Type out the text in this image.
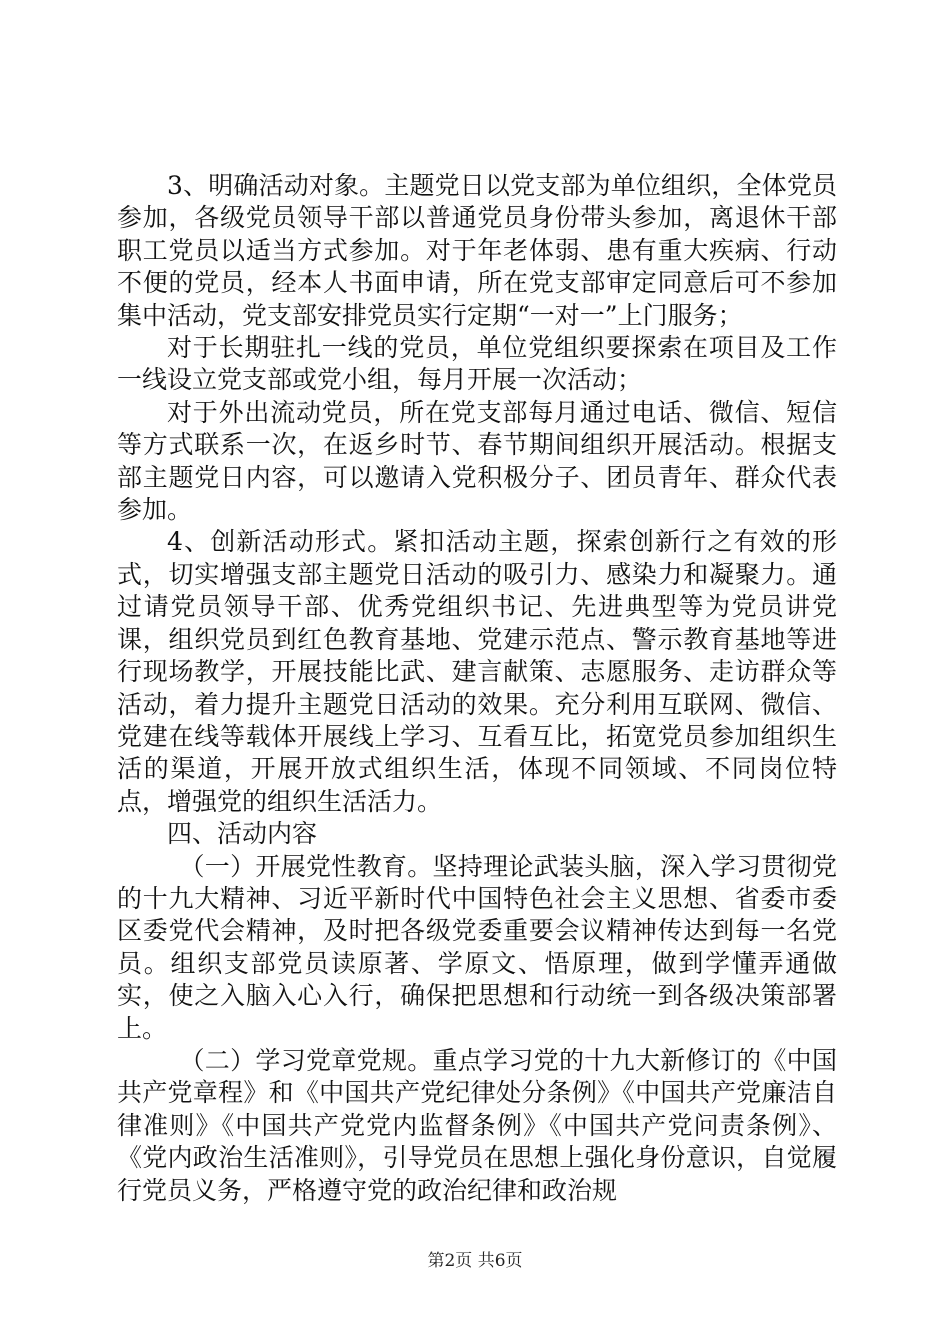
3、明确活动对象。主题党日以党支部为单位组织，全体党员参加，各级党员领导干部以普通党员身份带头参加，离退休干部职工党员以适当方式参加。对于年老体弱、患有重大疾病、行动不便的党员，经本人书面申请，所在党支部审定同意后可不参加集中活动，党支部安排党员实行定期“一对一”上门服务；

对于长期驻扎一线的党员，单位党组织要探索在项目及工作一线设立党支部或党小组，每月开展一次活动；

对于外出流动党员，所在党支部每月通过电话、微信、短信等方式联系一次，在返乡时节、春节期间组织开展活动。根据支部主题党日内容，可以邀请入党积极分子、团员青年、群众代表参加。

4、创新活动形式。紧扣活动主题，探索创新行之有效的形式，切实增强支部主题党日活动的吸引力、感染力和凝聚力。通过请党员领导干部、优秀党组织书记、先进典型等为党员讲党课，组织党员到红色教育基地、党建示范点、警示教育基地等进行现场教学，开展技能比武、建言献策、志愿服务、走访群众等活动，着力提升主题党日活动的效果。充分利用互联网、微信、党建在线等载体开展线上学习、互看互比，拓宽党员参加组织生活的渠道，开展开放式组织生活，体现不同领域、不同岗位特点，增强党的组织生活活力。

四、活动内容

（一）开展党性教育。坚持理论武装头脑，深入学习贯彻党的十九大精神、习近平新时代中国特色社会主义思想、省委市委区委党代会精神，及时把各级党委重要会议精神传达到每一名党员。组织支部党员读原著、学原文、悟原理，做到学懂弄通做实，使之入脑入心入行，确保把思想和行动统一到各级决策部署上。

（二）学习党章党规。重点学习党的十九大新修订的《中国共产党章程》和《中国共产党纪律处分条例》《中国共产党廉洁自律准则》《中国共产党党内监督条例》《中国共产党问责条例》、《党内政治生活准则》，引导党员在思想上强化身份意识，自觉履行党员义务，严格遵守党的政治纪律和政治规

第2页 共6页
